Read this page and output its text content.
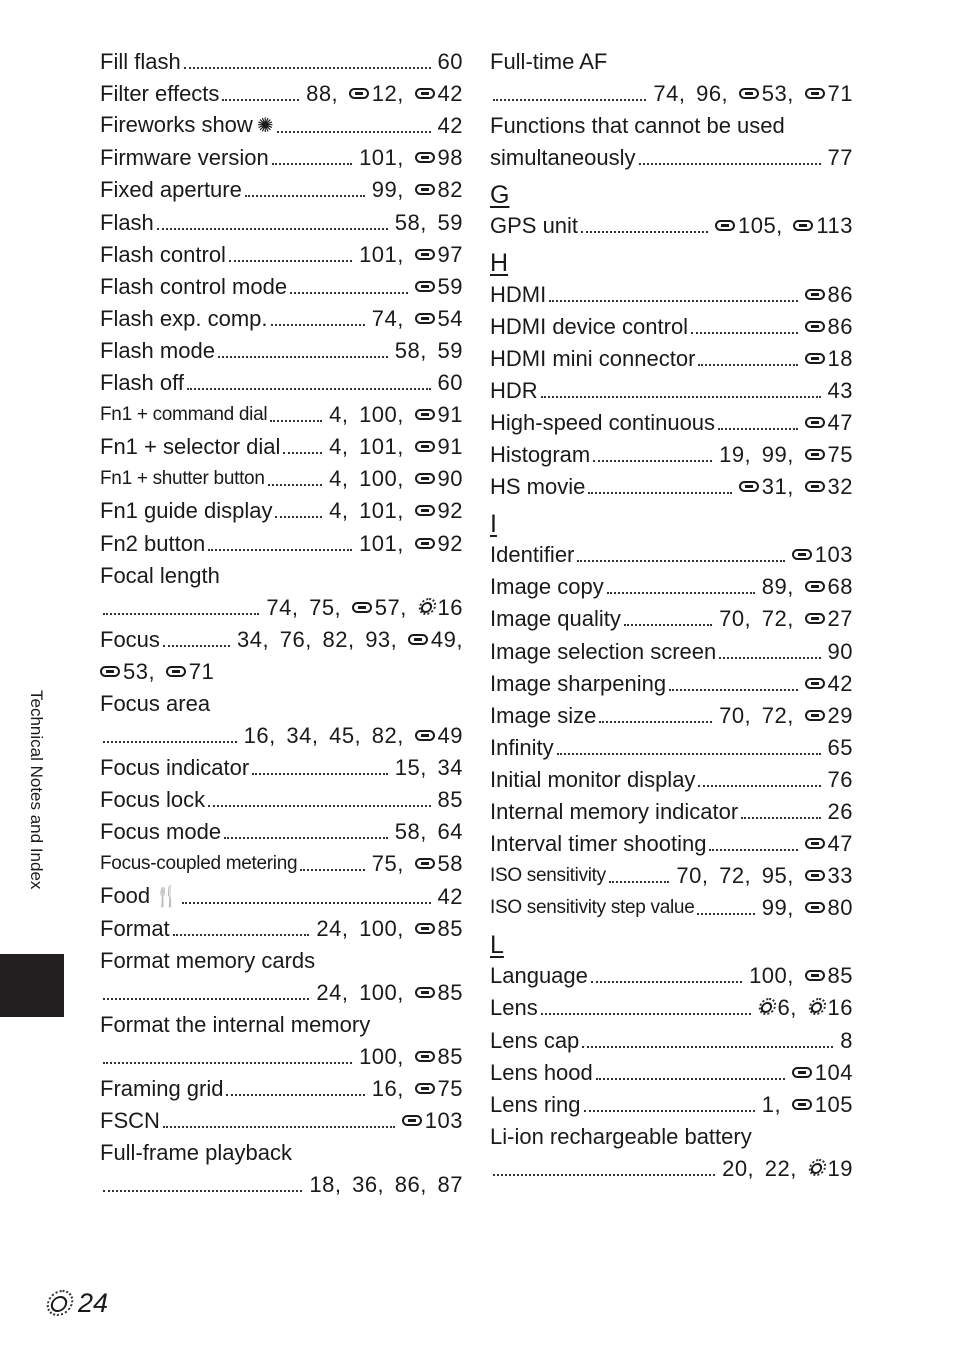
Fill flash	60
Filter effects	88, 12, 42
Fireworks show ✺	42
Firmware version	101, 98
Fixed aperture	99, 82
Flash	58, 59
Flash control	101, 97
Flash control mode	59
Flash exp. comp.	74, 54
Flash mode	58, 59
Flash off	60
Fn1 + command dial	4, 100, 91
Fn1 + selector dial 4, 101, 91
Fn1 + shutter button	4, 100, 90
Fn1 guide display	4, 101, 92
Fn2 button	101, 92
Focal length
74, 75, 57, 16
Focus	34, 76, 82, 93, 49,
53, 71
Focus area
16, 34, 45, 82, 49
Focus indicator	15, 34
Focus lock	85
Focus mode	58, 64
Focus-coupled metering	75, 58
Food 🍴	42
Format	24, 100, 85
Format memory cards
24, 100, 85
Format the internal memory
100, 85
Framing grid	16, 75
FSCN	103
Full-frame playback
18, 36, 86, 87
Full-time AF
74, 96, 53, 71
Functions that cannot be used
simultaneously	77
G
GPS unit	105, 113
H
HDMI	86
HDMI device control	86
HDMI mini connector	18
HDR	43
High-speed continuous	47
Histogram	19, 99, 75
HS movie	31, 32
I
Identifier	103
Image copy	89, 68
Image quality	70, 72, 27
Image selection screen	90
Image sharpening	42
Image size	70, 72, 29
Infinity	65
Initial monitor display	76
Internal memory indicator	26
Interval timer shooting	47
ISO sensitivity	70, 72, 95, 33
ISO sensitivity step value	99, 80
L
Language	100, 85
Lens	6, 16
Lens cap	8
Lens hood	104
Lens ring	1, 105
Li-ion rechargeable battery
20, 22, 19
Technical Notes and Index
24
